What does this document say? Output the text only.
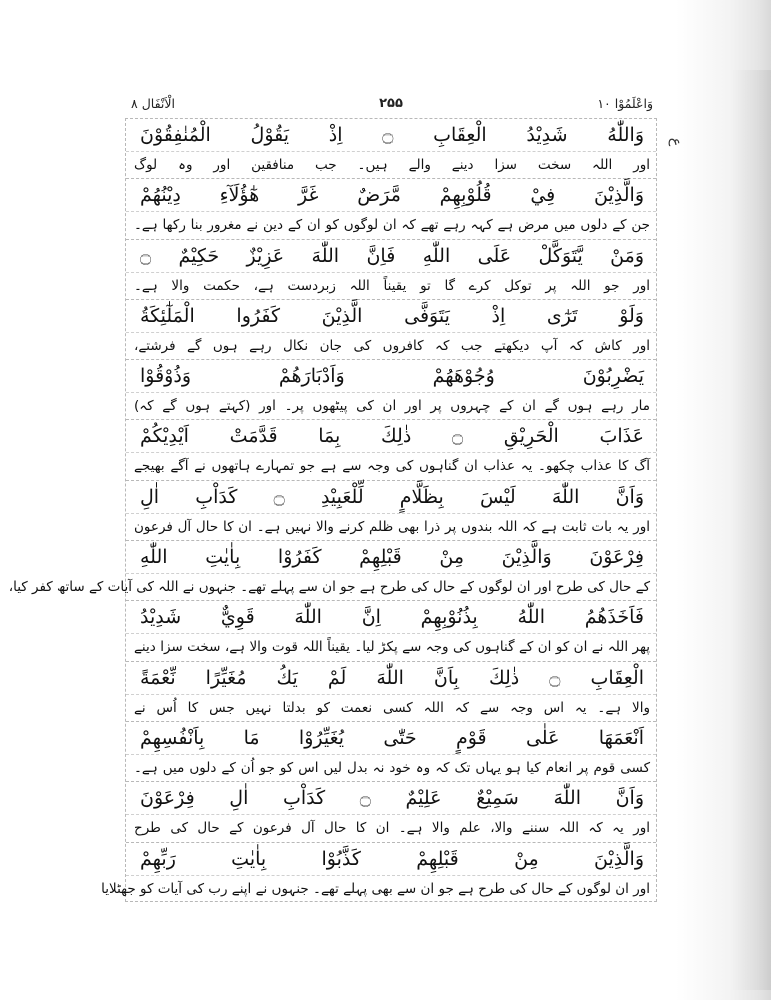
وَاعْلَمُوْا ۱۰
۲۵۵
الْاَنْفَال ۸
وَاللّٰهُ شَدِيْدُ الْعِقَابِ ۝ اِذْ يَقُوْلُ الْمُنٰفِقُوْنَ
اور اللہ سخت سزا دینے والے ہیں۔ جب منافقین اور وہ لوگ
وَالَّذِيْنَ فِيْ قُلُوْبِهِمْ مَّرَضٌ غَرَّ هٰٓؤُلَآءِ دِيْنُهُمْ
جن کے دلوں میں مرض ہے کہہ رہے تھے کہ ان لوگوں کو ان کے دین نے مغرور بنا رکھا ہے۔
وَمَنْ يَّتَوَكَّلْ عَلَى اللّٰهِ فَاِنَّ اللّٰهَ عَزِيْزٌ حَكِيْمٌ ۝
اور جو اللہ پر توکل کرے گا تو یقیناً اللہ زبردست ہے، حکمت والا ہے۔
وَلَوْ تَرٰٓى اِذْ يَتَوَفَّى الَّذِيْنَ كَفَرُوا الْمَلٰٓئِكَةُ
اور کاش کہ آپ دیکھتے جب کہ کافروں کی جان نکال رہے ہوں گے فرشتے،
يَضْرِبُوْنَ وُجُوْهَهُمْ وَاَدْبَارَهُمْ وَذُوْقُوْا
مار رہے ہوں گے ان کے چہروں پر اور ان کی پیٹھوں پر۔ اور (کہتے ہوں گے کہ)
عَذَابَ الْحَرِيْقِ ۝ ذٰلِكَ بِمَا قَدَّمَتْ اَيْدِيْكُمْ
آگ کا عذاب چکھو۔ یہ عذاب ان گناہوں کی وجہ سے ہے جو تمہارے ہاتھوں نے آگے بھیجے
وَاَنَّ اللّٰهَ لَيْسَ بِظَلَّامٍ لِّلْعَبِيْدِ ۝ كَدَاْبِ اٰلِ
اور یہ بات ثابت ہے کہ اللہ بندوں پر ذرا بھی ظلم کرنے والا نہیں ہے۔ ان کا حال آل فرعون
فِرْعَوْنَ وَالَّذِيْنَ مِنْ قَبْلِهِمْ كَفَرُوْا بِاٰيٰتِ اللّٰهِ
کے حال کی طرح اور ان لوگوں کے حال کی طرح ہے جو ان سے پہلے تھے۔ جنہوں نے اللہ کی آیات کے ساتھ کفر کیا،
فَاَخَذَهُمُ اللّٰهُ بِذُنُوْبِهِمْ اِنَّ اللّٰهَ قَوِيٌّ شَدِيْدُ
پھر اللہ نے ان کو ان کے گناہوں کی وجہ سے پکڑ لیا۔ یقیناً اللہ قوت والا ہے، سخت سزا دینے
الْعِقَابِ ۝ ذٰلِكَ بِاَنَّ اللّٰهَ لَمْ يَكُ مُغَيِّرًا نِّعْمَةً
والا ہے۔ یہ اس وجہ سے کہ اللہ کسی نعمت کو بدلتا نہیں جس کا اُس نے
اَنْعَمَهَا عَلٰى قَوْمٍ حَتّٰى يُغَيِّرُوْا مَا بِاَنْفُسِهِمْ
کسی قوم پر انعام کیا ہو یہاں تک کہ وہ خود نہ بدل لیں اس کو جو اُن کے دلوں میں ہے۔
وَاَنَّ اللّٰهَ سَمِيْعٌ عَلِيْمٌ ۝ كَدَاْبِ اٰلِ فِرْعَوْنَ
اور یہ کہ اللہ سننے والا، علم والا ہے۔ ان کا حال آل فرعون کے حال کی طرح
وَالَّذِيْنَ مِنْ قَبْلِهِمْ كَذَّبُوْا بِاٰيٰتِ رَبِّهِمْ
اور ان لوگوں کے حال کی طرح ہے جو ان سے بھی پہلے تھے۔ جنہوں نے اپنے رب کی آیات کو جھٹلایا
ع
